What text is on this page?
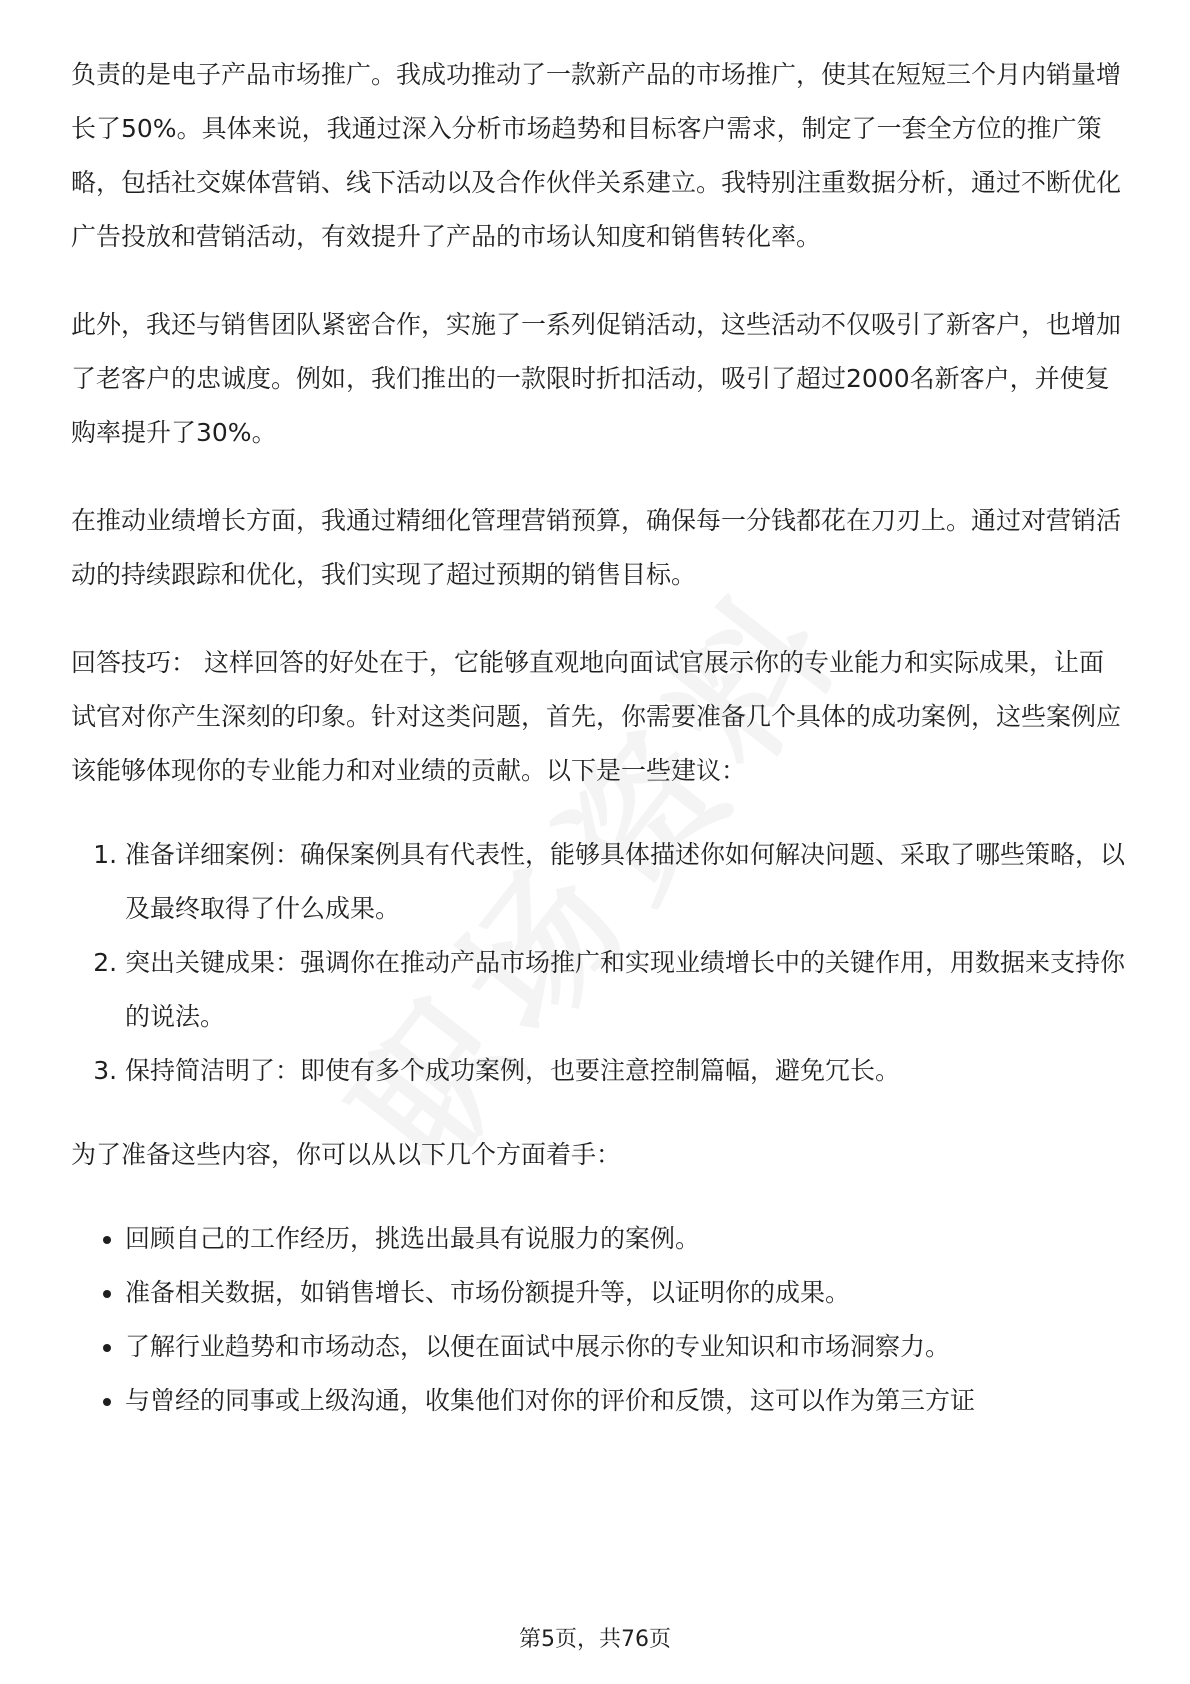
负责的是电子产品市场推广。我成功推动了一款新产品的市场推广，使其在短短三个月内销量增长了50%。具体来说，我通过深入分析市场趋势和目标客户需求，制定了一套全方位的推广策略，包括社交媒体营销、线下活动以及合作伙伴关系建立。我特别注重数据分析，通过不断优化广告投放和营销活动，有效提升了产品的市场认知度和销售转化率。

此外，我还与销售团队紧密合作，实施了一系列促销活动，这些活动不仅吸引了新客户，也增加了老客户的忠诚度。例如，我们推出的一款限时折扣活动，吸引了超过2000名新客户，并使复购率提升了30%。

在推动业绩增长方面，我通过精细化管理营销预算，确保每一分钱都花在刀刃上。通过对营销活动的持续跟踪和优化，我们实现了超过预期的销售目标。

回答技巧： 这样回答的好处在于，它能够直观地向面试官展示你的专业能力和实际成果，让面试官对你产生深刻的印象。针对这类问题，首先，你需要准备几个具体的成功案例，这些案例应该能够体现你的专业能力和对业绩的贡献。以下是一些建议：

1. 准备详细案例：确保案例具有代表性，能够具体描述你如何解决问题、采取了哪些策略，以及最终取得了什么成果。
2. 突出关键成果：强调你在推动产品市场推广和实现业绩增长中的关键作用，用数据来支持你的说法。
3. 保持简洁明了：即使有多个成功案例，也要注意控制篇幅，避免冗长。

为了准备这些内容，你可以从以下几个方面着手：

• 回顾自己的工作经历，挑选出最具有说服力的案例。
• 准备相关数据，如销售增长、市场份额提升等，以证明你的成果。
• 了解行业趋势和市场动态，以便在面试中展示你的专业知识和市场洞察力。
• 与曾经的同事或上级沟通，收集他们对你的评价和反馈，这可以作为第三方证
第5页，共76页
